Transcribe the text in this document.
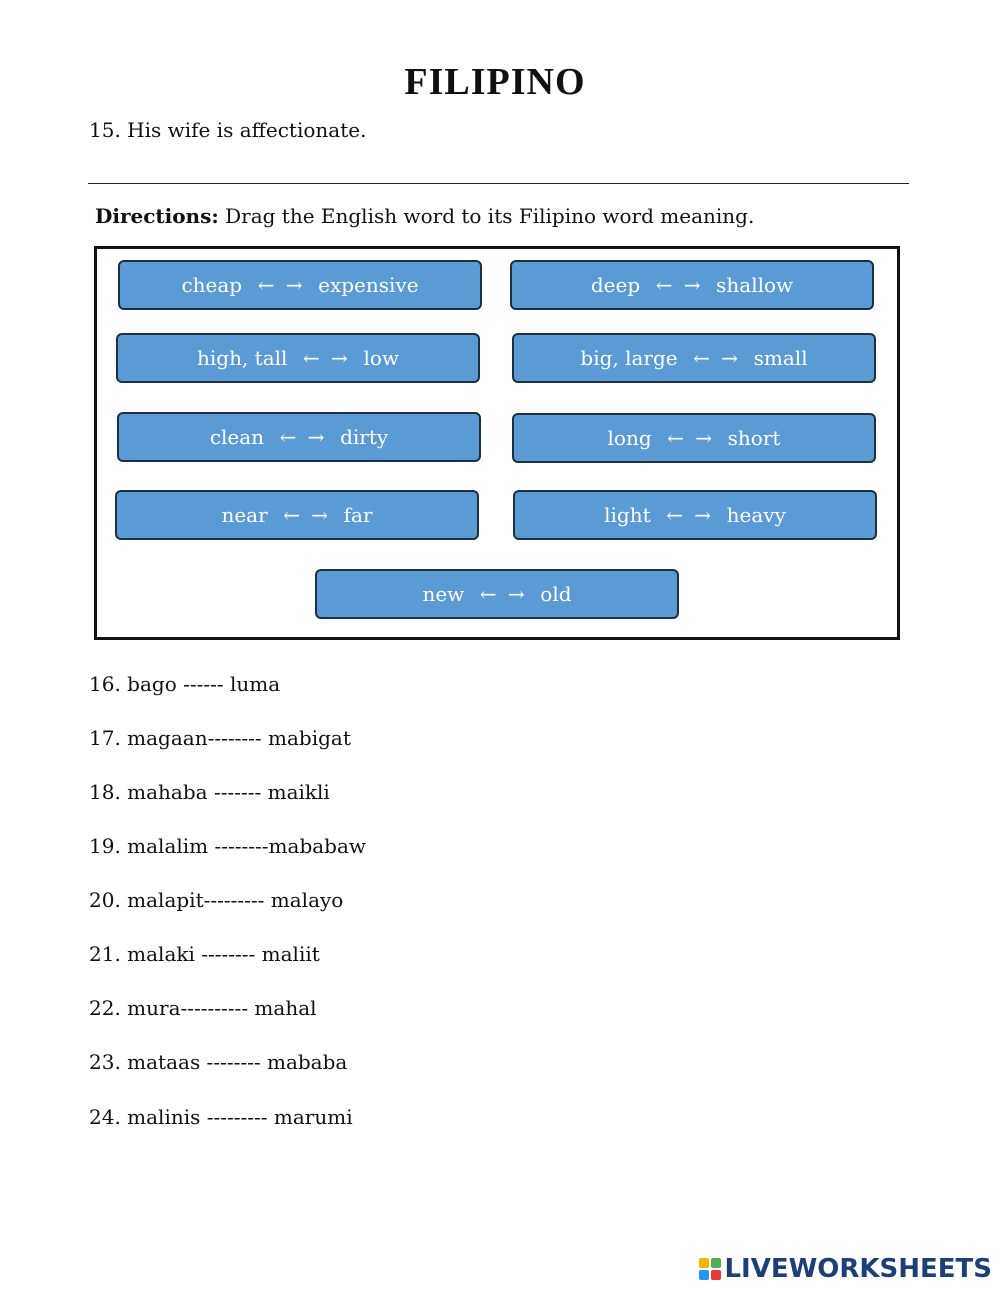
FILIPINO
15. His wife is affectionate.
Directions: Drag the English word to its Filipino word meaning.
cheap ← → expensive	deep ← → shallow
high, tall ← → low	big, large ← → small
clean ← → dirty	long ← → short
near ← → far	light ← → heavy
new ← → old
16. bago ------ luma
17. magaan-------- mabigat
18. mahaba ------- maikli
19. malalim --------mababaw
20. malapit--------- malayo
21. malaki -------- maliit
22. mura---------- mahal
23. mataas -------- mababa
24. malinis --------- marumi
LIVEWORKSHEETS
